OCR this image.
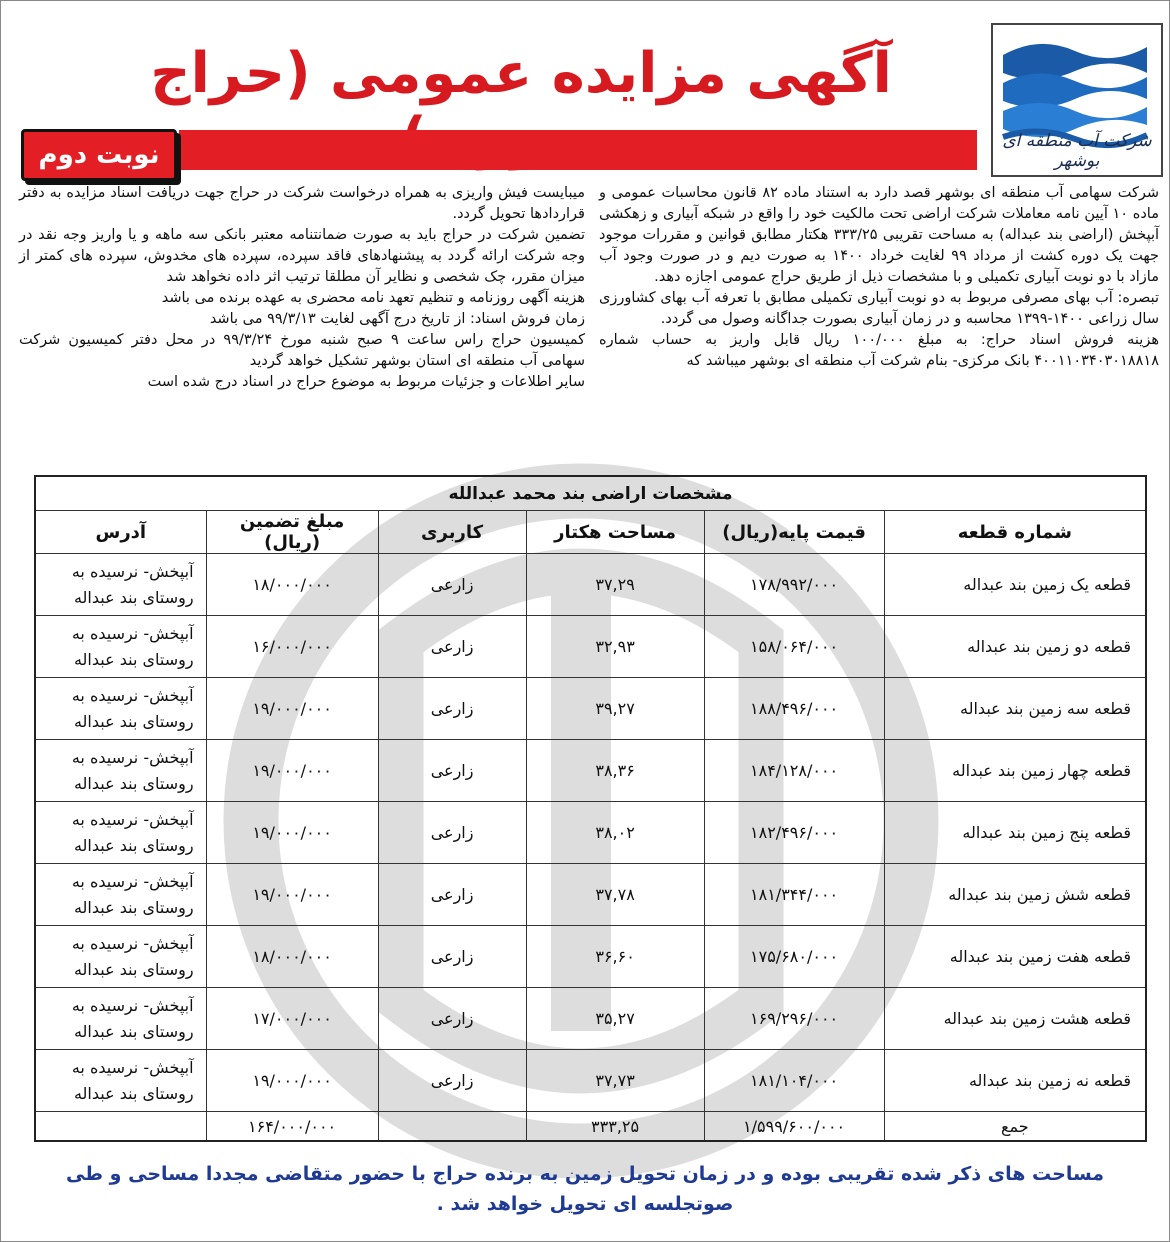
شرکت آب منطقه ای بوشهر
آگهی مزایده عمومی (حراج
نوبت دوم

شرکت سهامی آب منطقه ای بوشهر قصد دارد به استناد ماده ۸۲ قانون محاسبات عمومی و ماده ۱۰ آیین نامه معاملات شرکت اراضی تحت مالکیت خود را واقع در شبکه آبیاری و زهکشی آبپخش (اراضی بند عبداله) به مساحت تقریبی ۳۳۳/۲۵ هکتار مطابق قوانین و مقررات موجود جهت یک دوره کشت از مرداد ۹۹ لغایت خرداد ۱۴۰۰ به صورت دیم و در صورت وجود آب مازاد با دو نوبت آبیاری تکمیلی و با مشخصات ذیل از طریق حراج عمومی اجازه دهد.

تبصره: آب بهای مصرفی مربوط به دو نوبت آبیاری تکمیلی مطابق با تعرفه آب بهای کشاورزی سال زراعی ۱۴۰۰-۱۳۹۹ محاسبه و در زمان آبیاری بصورت جداگانه وصول می گردد.

هزینه فروش اسناد حراج: به مبلغ ۱۰۰/۰۰۰ ریال قابل واریز به حساب شماره ۴۰۰۱۱۰۳۴۰۳۰۱۸۸۱۸ بانک مرکزی- بنام شرکت آب منطقه ای بوشهر میباشد که

میبایست فیش واریزی به همراه درخواست شرکت در حراج جهت دریافت اسناد مزایده به دفتر قراردادها تحویل گردد.

تضمین شرکت در حراج باید به صورت ضمانتنامه معتبر بانکی سه ماهه و یا واریز وجه نقد در وجه شرکت ارائه گردد به پیشنهادهای فاقد سپرده، سپرده های مخدوش، سپرده های کمتر از میزان مقرر، چک شخصی و نظایر آن مطلقا ترتیب اثر داده نخواهد شد

هزینه آگهی روزنامه و تنظیم تعهد نامه محضری به عهده برنده می باشد

زمان فروش اسناد: از تاریخ درج آگهی لغایت ۹۹/۳/۱۳ می باشد

کمیسیون حراج راس ساعت ۹ صبح شنبه مورخ ۹۹/۳/۲۴ در محل دفتر کمیسیون شرکت سهامی آب منطقه ای استان بوشهر تشکیل خواهد گردید

سایر اطلاعات و جزئیات مربوط به موضوع حراج در اسناد درج شده است

مشخصات اراضی بند محمد عبدالله					
شماره قطعه	قیمت پایه(ریال)	مساحت هکتار	کاربری	مبلغ تضمین (ریال)	آدرس
قطعه یک زمین بند عبداله	۱۷۸/۹۹۲/۰۰۰	۳۷,۲۹	زارعی	۱۸/۰۰۰/۰۰۰	آبپخش- نرسیده به روستای بند عبداله
قطعه دو زمین بند عبداله	۱۵۸/۰۶۴/۰۰۰	۳۲,۹۳	زارعی	۱۶/۰۰۰/۰۰۰	آبپخش- نرسیده به روستای بند عبداله
قطعه سه زمین بند عبداله	۱۸۸/۴۹۶/۰۰۰	۳۹,۲۷	زارعی	۱۹/۰۰۰/۰۰۰	آبپخش- نرسیده به روستای بند عبداله
قطعه چهار زمین بند عبداله	۱۸۴/۱۲۸/۰۰۰	۳۸,۳۶	زارعی	۱۹/۰۰۰/۰۰۰	آبپخش- نرسیده به روستای بند عبداله
قطعه پنج زمین بند عبداله	۱۸۲/۴۹۶/۰۰۰	۳۸,۰۲	زارعی	۱۹/۰۰۰/۰۰۰	آبپخش- نرسیده به روستای بند عبداله
قطعه شش زمین بند عبداله	۱۸۱/۳۴۴/۰۰۰	۳۷,۷۸	زارعی	۱۹/۰۰۰/۰۰۰	آبپخش- نرسیده به روستای بند عبداله
قطعه هفت زمین بند عبداله	۱۷۵/۶۸۰/۰۰۰	۳۶,۶۰	زارعی	۱۸/۰۰۰/۰۰۰	آبپخش- نرسیده به روستای بند عبداله
قطعه هشت زمین بند عبداله	۱۶۹/۲۹۶/۰۰۰	۳۵,۲۷	زارعی	۱۷/۰۰۰/۰۰۰	آبپخش- نرسیده به روستای بند عبداله
قطعه نه زمین بند عبداله	۱۸۱/۱۰۴/۰۰۰	۳۷,۷۳	زارعی	۱۹/۰۰۰/۰۰۰	آبپخش- نرسیده به روستای بند عبداله
جمع	۱/۵۹۹/۶۰۰/۰۰۰	۳۳۳,۲۵		۱۶۴/۰۰۰/۰۰۰	
مساحت های ذکر شده تقریبی بوده و در زمان تحویل زمین به برنده حراج با حضور متقاضی مجددا مساحی و طی صوتجلسه ای تحویل خواهد شد .
